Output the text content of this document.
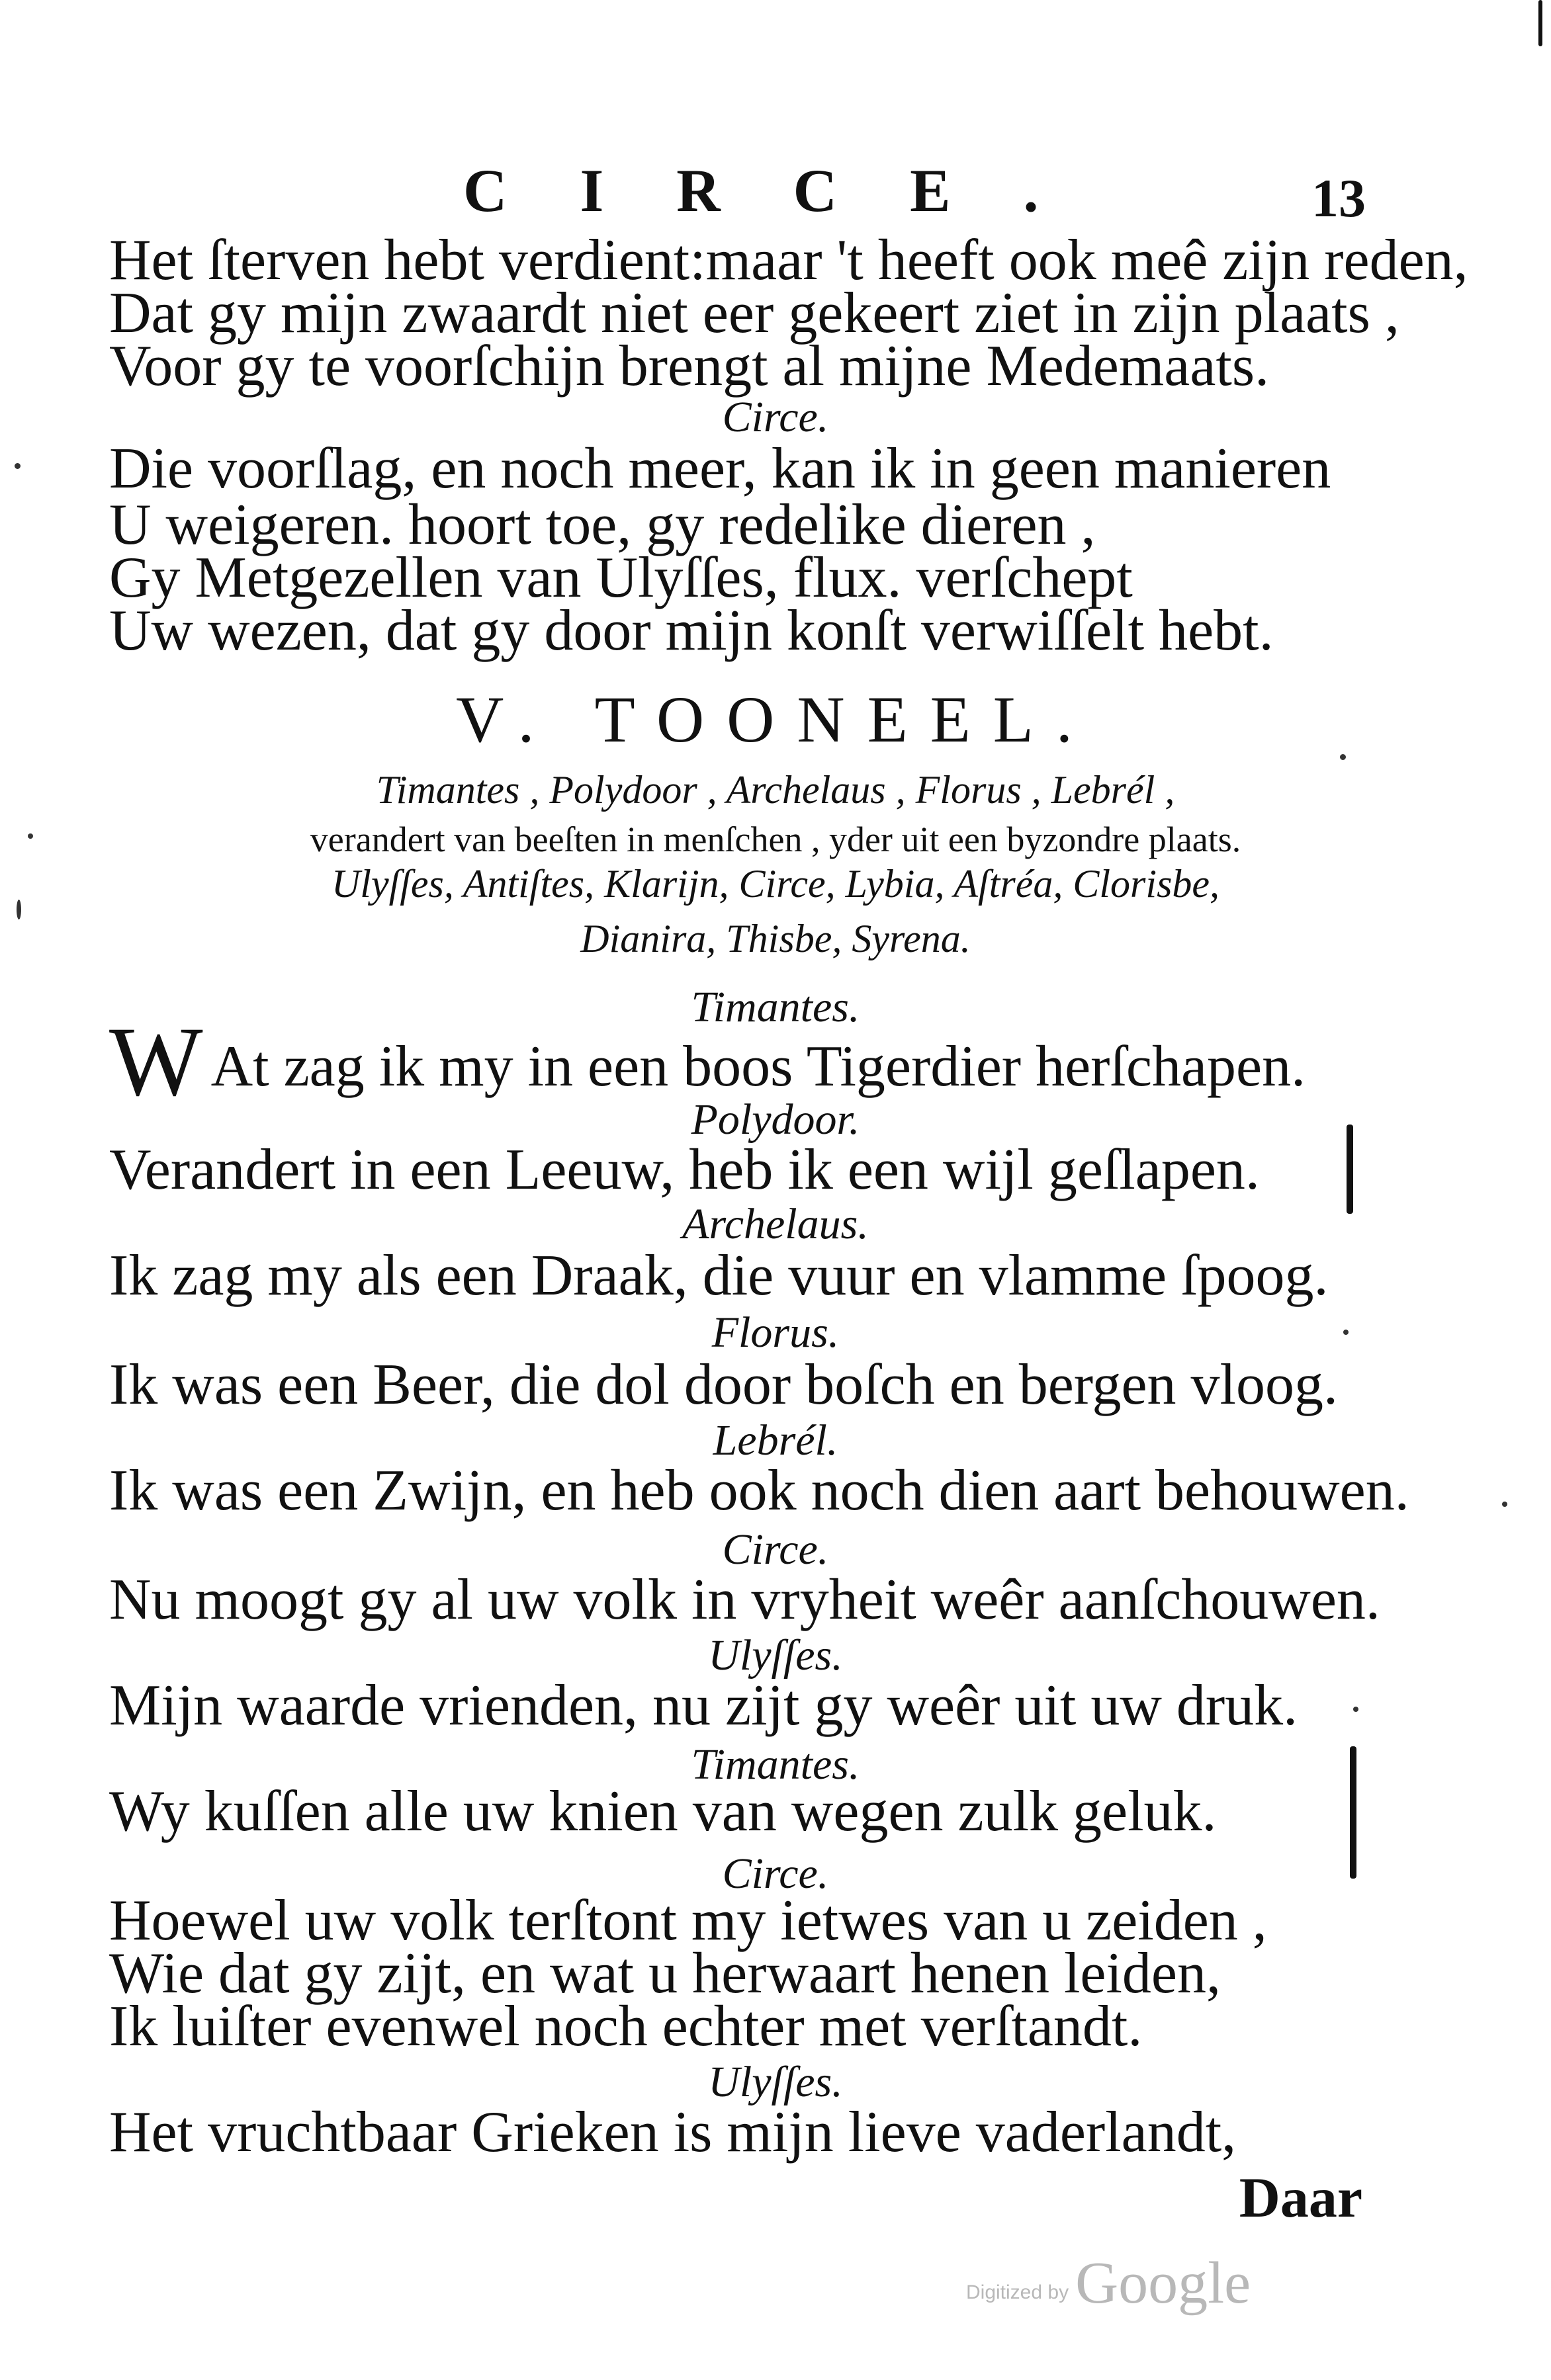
CIRCE.	13
Het ſterven hebt verdient:maar 't heeft ook meê zijn reden,
Dat gy mijn zwaardt niet eer gekeert ziet in zijn plaats ,
Voor gy te voorſchijn brengt al mijne Medemaats.
Circe.
Die voorſlag, en noch meer, kan ik in geen manieren
U weigeren. hoort toe, gy redelike dieren ,
Gy Metgezellen van Ulyſſes, flux. verſchept
Uw wezen, dat gy door mijn konſt verwiſſelt hebt.
V. TOONEEL.
Timantes , Polydoor , Archelaus , Florus , Lebrél ,
verandert van beeſten in menſchen , yder uit een byzondre plaats.
Ulyſſes, Antiſtes, Klarijn, Circe, Lybia, Aſtréa, Clorisbe,
Dianira, Thisbe, Syrena.
Timantes.
W At zag ik my in een boos Tigerdier herſchapen.
Polydoor.
Verandert in een Leeuw, heb ik een wijl geſlapen.
Archelaus.
Ik zag my als een Draak, die vuur en vlamme ſpoog.
Florus.
Ik was een Beer, die dol door boſch en bergen vloog.
Lebrél.
Ik was een Zwijn, en heb ook noch dien aart behouwen.
Circe.
Nu moogt gy al uw volk in vryheit weêr aanſchouwen.
Ulyſſes.
Mijn waarde vrienden, nu zijt gy weêr uit uw druk.
Timantes.
Wy kuſſen alle uw knien van wegen zulk geluk.
Circe.
Hoewel uw volk terſtont my ietwes van u zeiden ,
Wie dat gy zijt, en wat u herwaart henen leiden,
Ik luiſter evenwel noch echter met verſtandt.
Ulyſſes.
Het vruchtbaar Grieken is mijn lieve vaderlandt,
Daar
Digitized by Google
